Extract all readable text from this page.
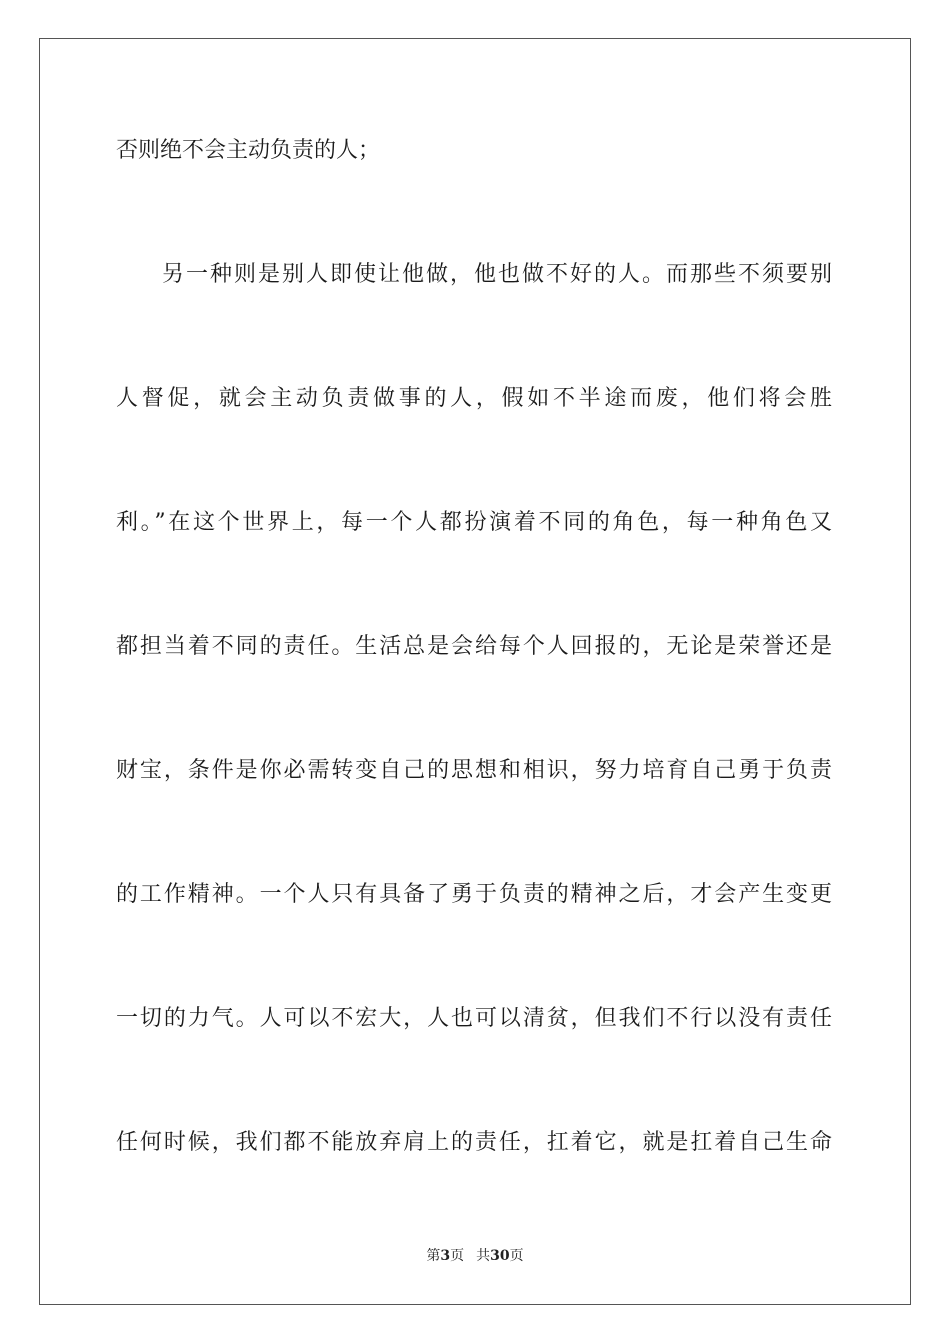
否则绝不会主动负责的人；
另一种则是别人即使让他做，他也做不好的人。而那些不须要别
人督促，就会主动负责做事的人，假如不半途而废，他们将会胜
利。”在这个世界上，每一个人都扮演着不同的角色，每一种角色又
都担当着不同的责任。生活总是会给每个人回报的，无论是荣誉还是
财宝，条件是你必需转变自己的思想和相识，努力培育自己勇于负责
的工作精神。一个人只有具备了勇于负责的精神之后，才会产生变更
一切的力气。人可以不宏大，人也可以清贫，但我们不行以没有责任
任何时候，我们都不能放弃肩上的责任，扛着它，就是扛着自己生命
第3页 共30页
